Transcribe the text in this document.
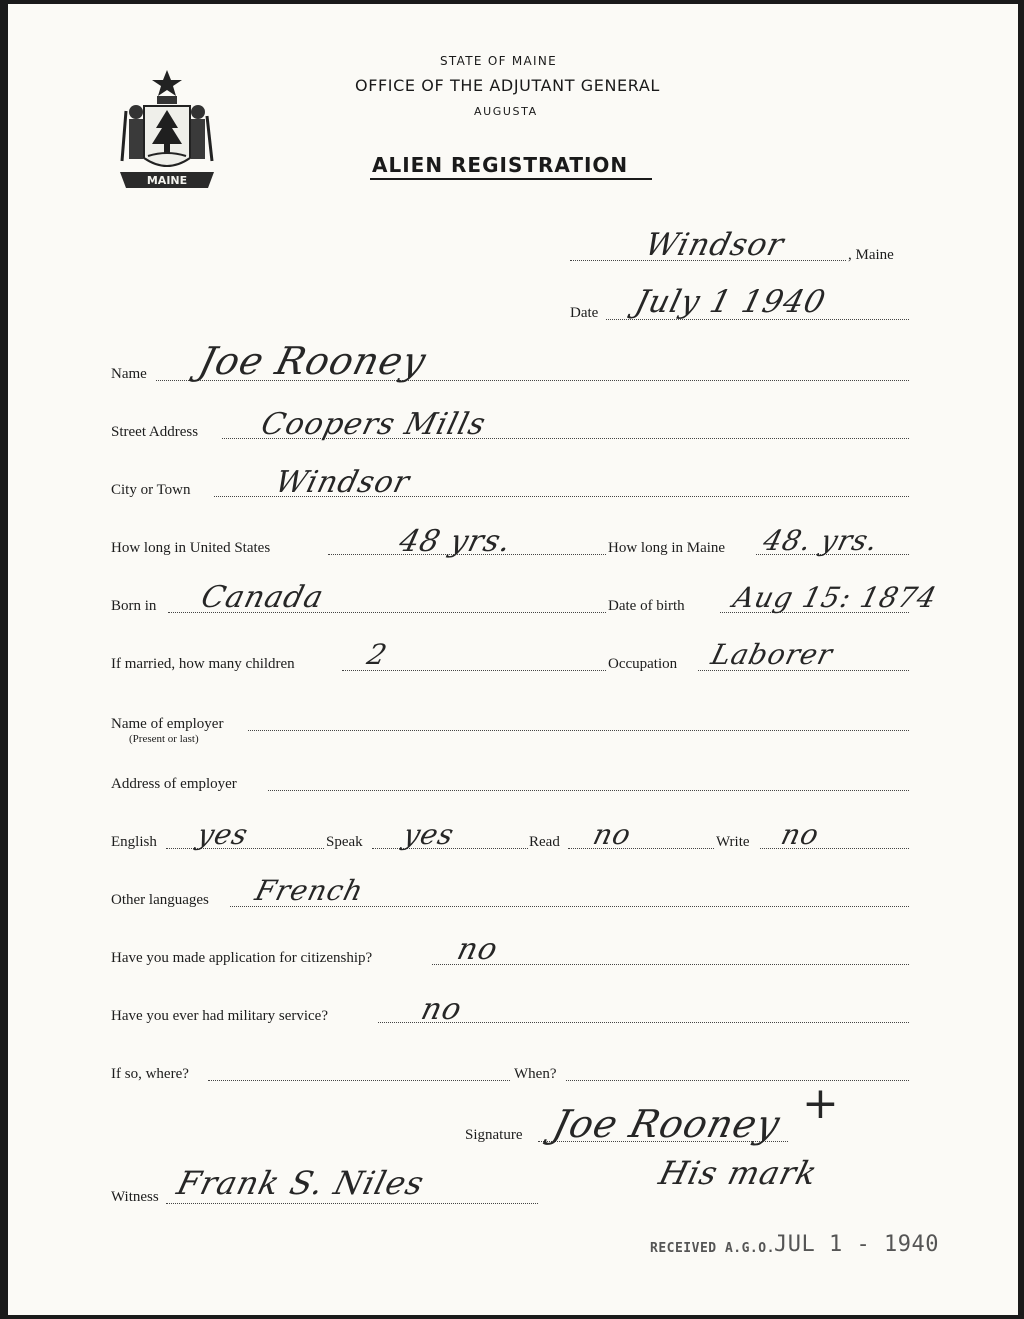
MAINE
STATE OF MAINE
OFFICE OF THE ADJUTANT GENERAL
AUGUSTA
ALIEN REGISTRATION
Windsor	, Maine
Date July 1 1940
Name Joe Rooney
Street Address Coopers Mills
City or Town	Windsor
How long in United States	48 yrs.	How long in Maine 48. yrs.
Born in Canada	Date of birth Aug 15: 1874
If married, how many children 2	Occupation Laborer
Name of employer
(Present or last)
Address of employer
English yes	Speak yes	Read no	Write no
Other languages French
Have you made application for citizenship?	no
Have you ever had military service?	no
If so, where?	When?
Signature Joe Rooney +
His mark
Witness Frank S. Niles
RECEIVED A.G.O. JUL 1 - 1940
